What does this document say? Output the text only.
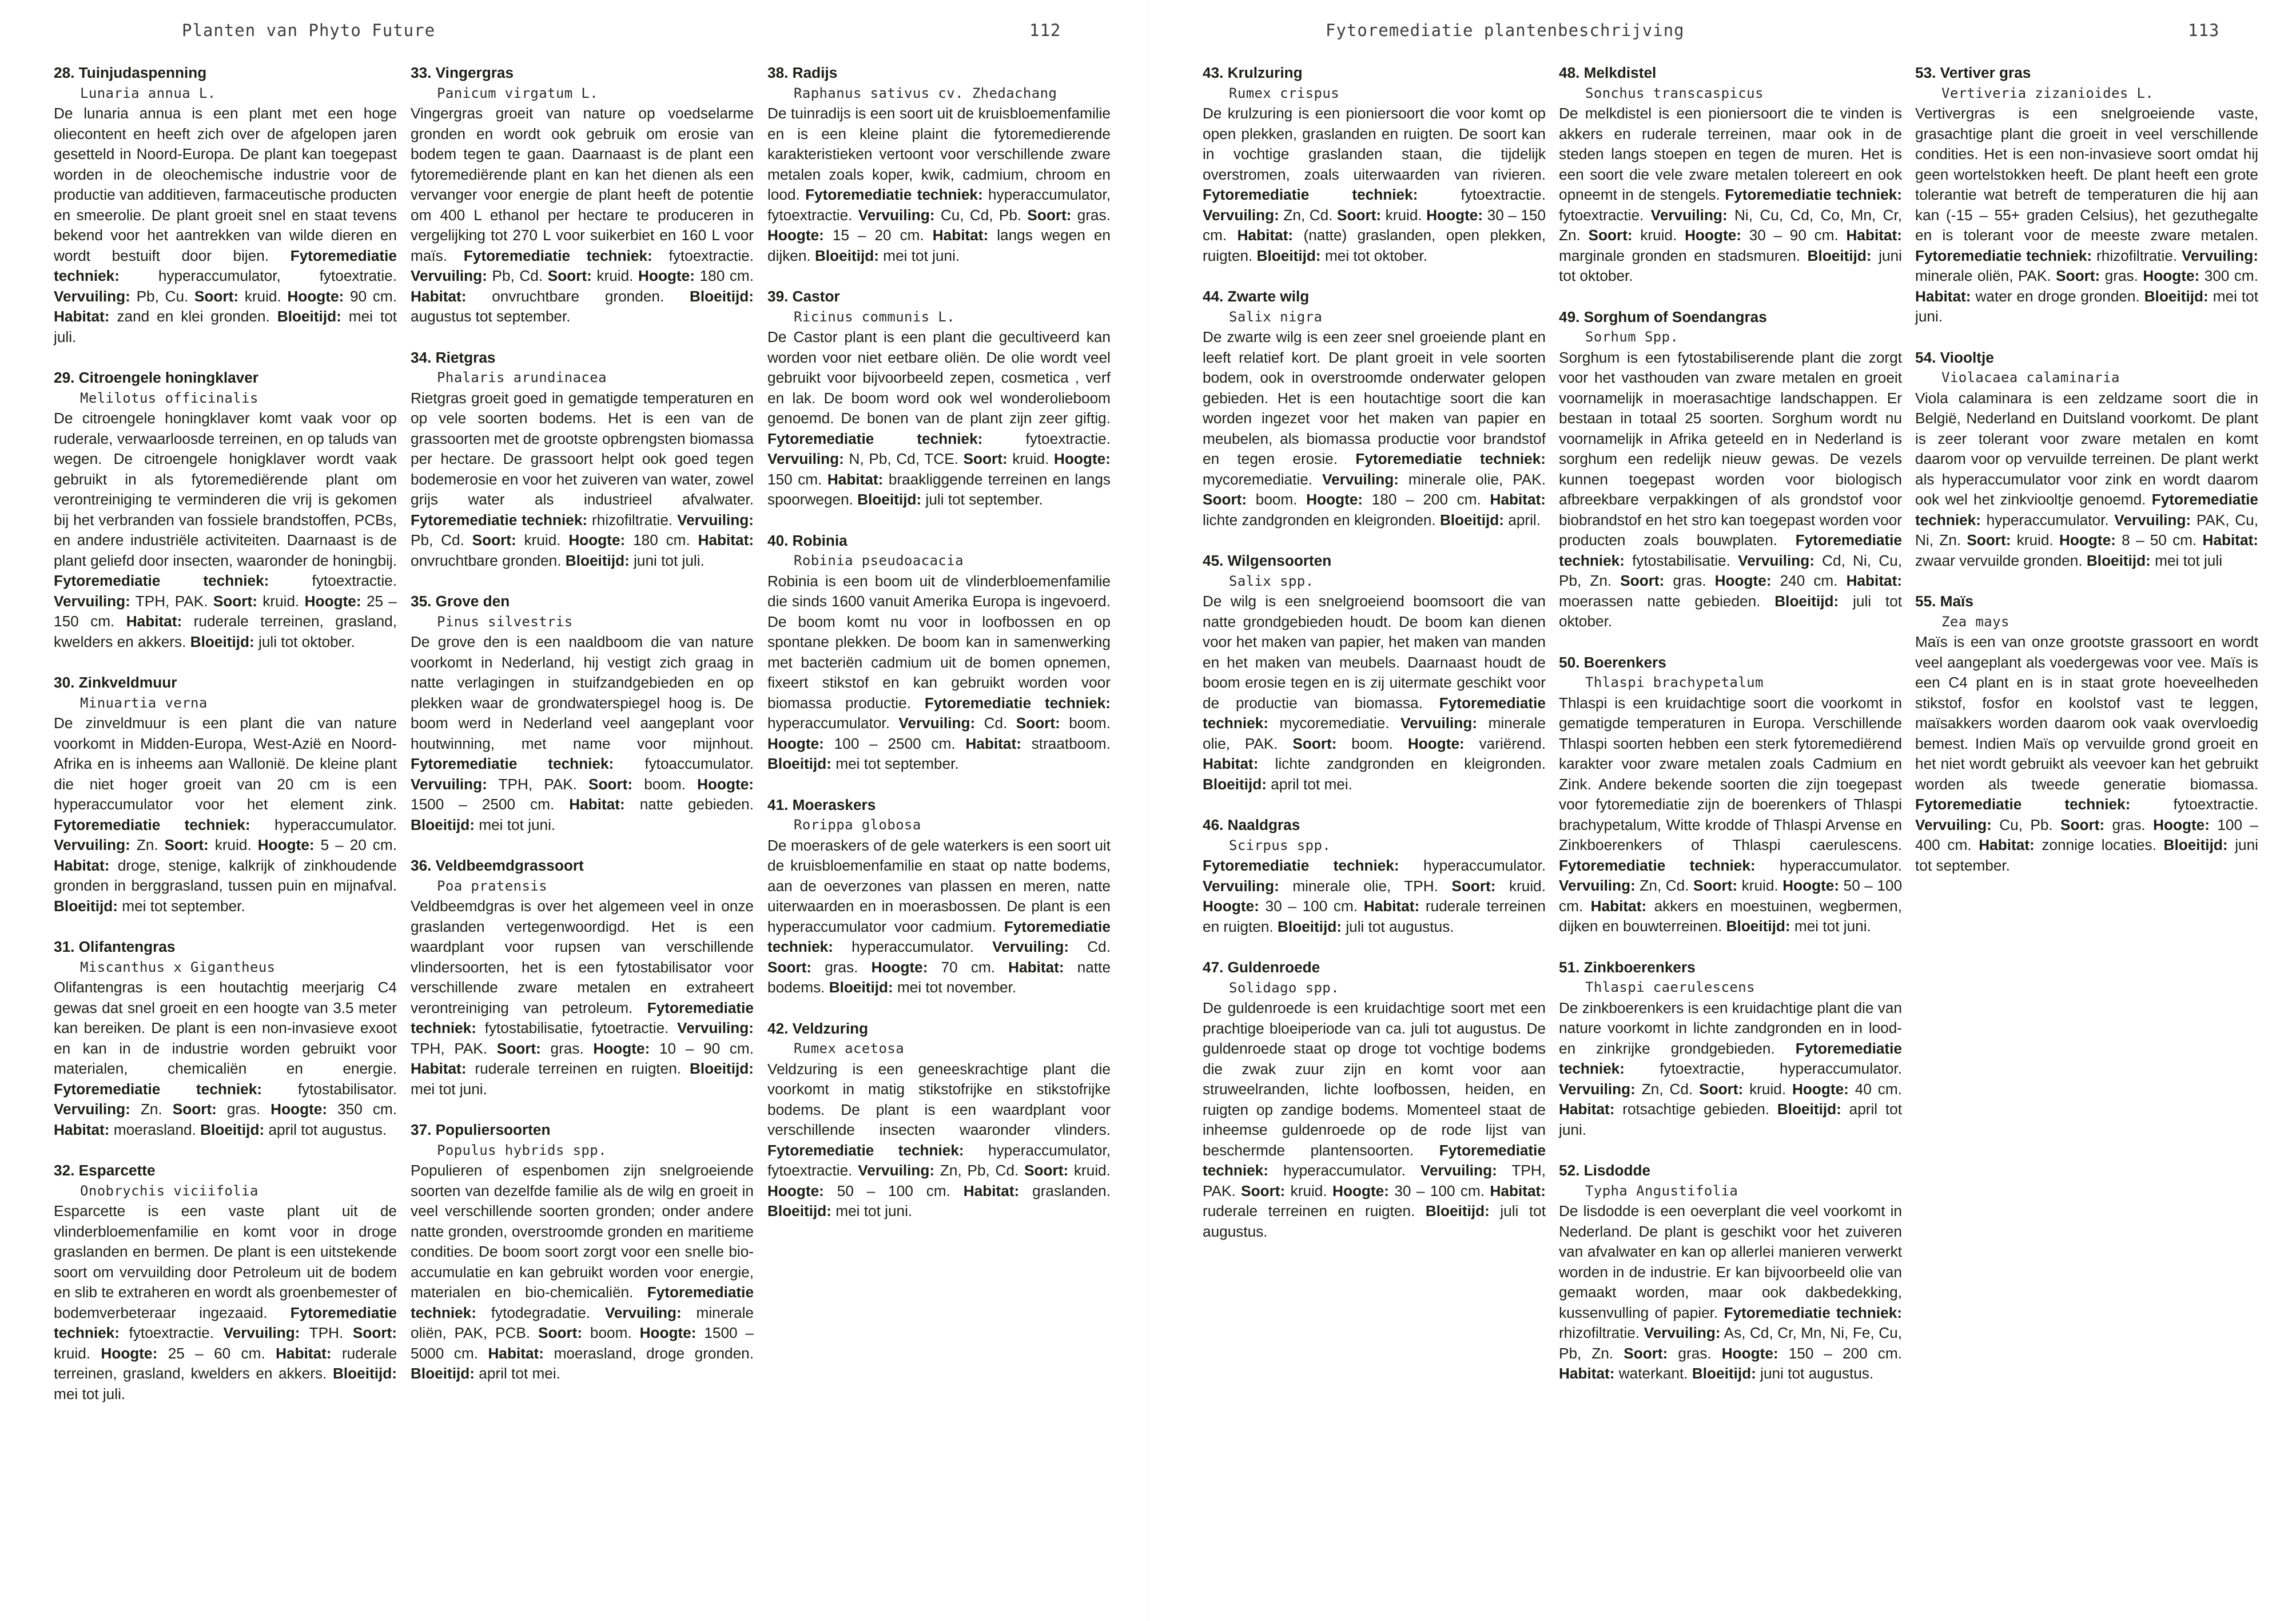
Planten van Phyto Future	112
28. Tuinjudaspenning
Lunaria annua L.
De lunaria annua is een plant met een hoge oliecontent en heeft zich over de afgelopen jaren gesetteld in Noord-Europa. De plant kan toegepast worden in de oleochemische industrie voor de productie van additieven, farmaceutische producten en smeerolie. De plant groeit snel en staat tevens bekend voor het aantrekken van wilde dieren en wordt bestuift door bijen. Fytoremediatie techniek:	hyperaccumulator, fytoextratie. Vervuiling: Pb, Cu. Soort: kruid. Hoogte: 90 cm. Habitat: zand en klei gronden. Bloeitijd: mei tot juli.
29. Citroengele honingklaver
Melilotus officinalis
De citroengele honingklaver komt vaak voor op ruderale, verwaarloosde terreinen, en op taluds van wegen. De citroengele honigklaver wordt vaak gebruikt in als fytoremediërende plant om verontreiniging te verminderen die vrij is gekomen bij het verbranden van fossiele brandstoffen, PCBs, en andere industriële activiteiten. Daarnaast is de plant geliefd door insecten, waaronder de honingbij. Fytoremediatie techniek:	fytoextractie. Vervuiling: TPH, PAK. Soort: kruid. Hoogte: 25 – 150 cm. Habitat: ruderale terreinen, grasland, kwelders en akkers. Bloeitijd: juli tot oktober.
30. Zinkveldmuur
Minuartia verna
De zinveldmuur is een plant die van nature voorkomt in Midden-Europa, West-Azië en Noord-Afrika en is inheems aan Wallonië. De kleine plant die niet hoger groeit van 20 cm is een hyperaccumulator voor het element zink. Fytoremediatie techniek: hyperaccumulator. Vervuiling: Zn. Soort: kruid. Hoogte: 5 – 20 cm. Habitat: droge, stenige, kalkrijk of zinkhoudende gronden in berggrasland, tussen puin en mijnafval. Bloeitijd: mei tot september.
31. Olifantengras
Miscanthus x Gigantheus
Olifantengras is een houtachtig meerjarig C4 gewas dat snel groeit en een hoogte van 3.5 meter kan bereiken. De plant is een non-invasieve exoot en kan in de industrie worden gebruikt voor materialen, chemicaliën en energie. Fytoremediatie techniek: fytostabilisator. Vervuiling: Zn. Soort: gras. Hoogte: 350 cm. Habitat: moerasland. Bloeitijd: april tot augustus.
32. Esparcette
Onobrychis viciifolia
Esparcette is een vaste plant uit de vlinderbloemenfamilie en komt voor in droge graslanden en bermen. De plant is een uitstekende soort om vervuilding door Petroleum uit de bodem en slib te extraheren en wordt als groenbemester of bodemverbeteraar ingezaaid. Fytoremediatie techniek: fytoextractie. Vervuiling: TPH. Soort: kruid. Hoogte: 25 – 60 cm. Habitat: ruderale terreinen, grasland, kwelders en akkers. Bloeitijd: mei tot juli.
33. Vingergras
Panicum virgatum L.
Vingergras groeit van nature op voedselarme gronden en wordt ook gebruik om erosie van bodem tegen te gaan. Daarnaast is de plant een fytoremediërende plant en kan het dienen als een vervanger voor energie de plant heeft de potentie om 400 L ethanol per hectare te produceren in vergelijking tot 270 L voor suikerbiet en 160 L voor maïs. Fytoremediatie techniek: fytoextractie. Vervuiling: Pb, Cd. Soort: kruid. Hoogte: 180 cm. Habitat: onvruchtbare gronden. Bloeitijd: augustus tot september.
34. Rietgras
Phalaris arundinacea
Rietgras groeit goed in gematigde temperaturen en op vele soorten bodems. Het is een van de grassoorten met de grootste opbrengsten biomassa per hectare. De grassoort helpt ook goed tegen bodemerosie en voor het zuiveren van water, zowel grijs water als industrieel afvalwater. Fytoremediatie techniek: rhizofiltratie. Vervuiling: Pb, Cd. Soort: kruid. Hoogte: 180 cm. Habitat: onvruchtbare gronden. Bloeitijd: juni tot juli.
35. Grove den
Pinus silvestris
De grove den is een naaldboom die van nature voorkomt in Nederland, hij vestigt zich graag in natte verlagingen in stuifzandgebieden en op plekken waar de grondwaterspiegel hoog is. De boom werd in Nederland veel aangeplant voor houtwinning, met name voor mijnhout. Fytoremediatie techniek: fytoaccumulator. Vervuiling: TPH, PAK. Soort: boom. Hoogte: 1500 – 2500 cm. Habitat: natte gebieden. Bloeitijd: mei tot juni.
36. Veldbeemdgrassoort
Poa pratensis
Veldbeemdgras is over het algemeen veel in onze graslanden vertegenwoordigd. Het is een waardplant voor rupsen van verschillende vlindersoorten, het is een fytostabilisator voor verschillende zware metalen en extraheert verontreiniging van petroleum. Fytoremediatie techniek: fytostabilisatie, fytoetractie. Vervuiling: TPH, PAK. Soort: gras. Hoogte: 10 – 90 cm. Habitat: ruderale terreinen en ruigten. Bloeitijd: mei tot juni.
37. Populiersoorten
Populus hybrids spp.
Populieren of espenbomen zijn snelgroeiende soorten van dezelfde familie als de wilg en groeit in veel verschillende soorten gronden; onder andere natte gronden, overstroomde gronden en maritieme condities. De boom soort zorgt voor een snelle bio-accumulatie en kan gebruikt worden voor energie, materialen en bio-chemicaliën. Fytoremediatie techniek: fytodegradatie. Vervuiling: minerale oliën, PAK, PCB. Soort: boom. Hoogte: 1500 – 5000 cm. Habitat: moerasland, droge gronden. Bloeitijd: april tot mei.
38. Radijs
Raphanus sativus cv. Zhedachang
De tuinradijs is een soort uit de kruisbloemenfamilie en is een kleine plaint die fytoremedierende karakteristieken vertoont voor verschillende zware metalen zoals koper, kwik, cadmium, chroom en lood. Fytoremediatie techniek: hyperaccumulator, fytoextractie. Vervuiling: Cu, Cd, Pb. Soort: gras. Hoogte: 15 – 20 cm. Habitat: langs wegen en dijken. Bloeitijd: mei tot juni.
39. Castor
Ricinus communis L.
De Castor plant is een plant die gecultiveerd kan worden voor niet eetbare oliën. De olie wordt veel gebruikt voor bijvoorbeeld zepen, cosmetica , verf en lak. De boom word ook wel wonderolieboom genoemd. De bonen van de plant zijn zeer giftig. Fytoremediatie techniek:	fytoextractie. Vervuiling: N, Pb, Cd, TCE. Soort: kruid. Hoogte: 150 cm. Habitat: braakliggende terreinen en langs spoorwegen. Bloeitijd: juli tot september.
40. Robinia
Robinia pseudoacacia
Robinia is een boom uit de vlinderbloemenfamilie die sinds 1600 vanuit Amerika Europa is ingevoerd. De boom komt nu voor in loofbossen en op spontane plekken. De boom kan in samenwerking met bacteriën cadmium uit de bomen opnemen, fixeert stikstof en kan gebruikt worden voor biomassa productie. Fytoremediatie techniek: hyperaccumulator. Vervuiling: Cd. Soort: boom. Hoogte: 100 – 2500 cm. Habitat: straatboom. Bloeitijd: mei tot september.
41. Moeraskers
Rorippa globosa
De moeraskers of de gele waterkers is een soort uit de kruisbloemenfamilie en staat op natte bodems, aan de oeverzones van plassen en meren, natte uiterwaarden en in moerasbossen. De plant is een hyperaccumulator voor cadmium. Fytoremediatie techniek: hyperaccumulator. Vervuiling: Cd. Soort: gras. Hoogte: 70 cm. Habitat: natte bodems. Bloeitijd: mei tot november.
42. Veldzuring
Rumex acetosa
Veldzuring is een geneeskrachtige plant die voorkomt in matig stikstofrijke en stikstofrijke bodems. De plant is een waardplant voor verschillende insecten waaronder vlinders. Fytoremediatie techniek: hyperaccumulator, fytoextractie. Vervuiling: Zn, Pb, Cd. Soort: kruid. Hoogte: 50 – 100 cm. Habitat: graslanden. Bloeitijd: mei tot juni.
Fytoremediatie plantenbeschrijving	113
43. Krulzuring
Rumex crispus
De krulzuring is een pioniersoort die voor komt op open plekken, graslanden en ruigten. De soort kan in vochtige graslanden staan, die tijdelijk overstromen, zoals uiterwaarden van rivieren. Fytoremediatie techniek:	fytoextractie. Vervuiling: Zn, Cd. Soort: kruid. Hoogte: 30 – 150 cm. Habitat: (natte) graslanden, open plekken, ruigten. Bloeitijd: mei tot oktober.
44. Zwarte wilg
Salix nigra
De zwarte wilg is een zeer snel groeiende plant en leeft relatief kort. De plant groeit in vele soorten bodem, ook in overstroomde onderwater gelopen gebieden. Het is een houtachtige soort die kan worden ingezet voor het maken van papier en meubelen, als biomassa productie voor brandstof en tegen erosie. Fytoremediatie techniek: mycoremediatie. Vervuiling: minerale olie, PAK. Soort: boom. Hoogte: 180 – 200 cm. Habitat: lichte zandgronden en kleigronden. Bloeitijd: april.
45. Wilgensoorten
Salix spp.
De wilg is een snelgroeiend boomsoort die van natte grondgebieden houdt. De boom kan dienen voor het maken van papier, het maken van manden en het maken van meubels. Daarnaast houdt de boom erosie tegen en is zij uitermate geschikt voor de productie van biomassa. Fytoremediatie techniek: mycoremediatie. Vervuiling: minerale olie, PAK. Soort: boom. Hoogte: variërend. Habitat: lichte zandgronden en kleigronden. Bloeitijd: april tot mei.
46. Naaldgras
Scirpus spp.
Fytoremediatie techniek: hyperaccumulator. Vervuiling: minerale olie, TPH. Soort: kruid. Hoogte: 30 – 100 cm. Habitat: ruderale terreinen en ruigten. Bloeitijd: juli tot augustus.
47. Guldenroede
Solidago spp.
De guldenroede is een kruidachtige soort met een prachtige bloeiperiode van ca. juli tot augustus. De guldenroede staat op droge tot vochtige bodems die zwak zuur zijn en komt voor aan struweelranden, lichte loofbossen, heiden, en ruigten op zandige bodems. Momenteel staat de inheemse guldenroede op de rode lijst van beschermde plantensoorten. Fytoremediatie techniek: hyperaccumulator. Vervuiling: TPH, PAK. Soort: kruid. Hoogte: 30 – 100 cm. Habitat: ruderale terreinen en ruigten. Bloeitijd: juli tot augustus.
48. Melkdistel
Sonchus transcaspicus
De melkdistel is een pioniersoort die te vinden is akkers en ruderale terreinen, maar ook in de steden langs stoepen en tegen de muren. Het is een soort die vele zware metalen tolereert en ook opneemt in de stengels. Fytoremediatie techniek: fytoextractie. Vervuiling: Ni, Cu, Cd, Co, Mn, Cr, Zn. Soort: kruid. Hoogte: 30 – 90 cm. Habitat: marginale gronden en stadsmuren. Bloeitijd: juni tot oktober.
49. Sorghum of Soendangras
Sorhum Spp.
Sorghum is een fytostabiliserende plant die zorgt voor het vasthouden van zware metalen en groeit voornamelijk in moerasachtige landschappen. Er bestaan in totaal 25 soorten. Sorghum wordt nu voornamelijk in Afrika geteeld en in Nederland is sorghum een redelijk nieuw gewas. De vezels kunnen toegepast worden voor biologisch afbreekbare verpakkingen of als grondstof voor biobrandstof en het stro kan toegepast worden voor producten zoals bouwplaten. Fytoremediatie techniek: fytostabilisatie. Vervuiling: Cd, Ni, Cu, Pb, Zn. Soort: gras. Hoogte: 240 cm. Habitat: moerassen natte gebieden. Bloeitijd: juli tot oktober.
50. Boerenkers
Thlaspi brachypetalum
Thlaspi is een kruidachtige soort die voorkomt in gematigde temperaturen in Europa. Verschillende Thlaspi soorten hebben een sterk fytoremediërend karakter voor zware metalen zoals Cadmium en Zink. Andere bekende soorten die zijn toegepast voor fytoremediatie zijn de boerenkers of Thlaspi brachypetalum, Witte krodde of Thlaspi Arvense en Zinkboerenkers of Thlaspi caerulescens. Fytoremediatie techniek: hyperaccumulator. Vervuiling: Zn, Cd. Soort: kruid. Hoogte: 50 – 100 cm. Habitat: akkers en moestuinen, wegbermen, dijken en bouwterreinen. Bloeitijd: mei tot juni.
51. Zinkboerenkers
Thlaspi caerulescens
De zinkboerenkers is een kruidachtige plant die van nature voorkomt in lichte zandgronden en in lood- en zinkrijke grondgebieden. Fytoremediatie techniek: fytoextractie, hyperaccumulator. Vervuiling: Zn, Cd. Soort: kruid. Hoogte: 40 cm. Habitat: rotsachtige gebieden. Bloeitijd: april tot juni.
52. Lisdodde
Typha Angustifolia
De lisdodde is een oeverplant die veel voorkomt in Nederland. De plant is geschikt voor het zuiveren van afvalwater en kan op allerlei manieren verwerkt worden in de industrie. Er kan bijvoorbeeld olie van gemaakt worden, maar ook dakbedekking, kussenvulling of papier. Fytoremediatie techniek: rhizofiltratie. Vervuiling: As, Cd, Cr, Mn, Ni, Fe, Cu, Pb, Zn. Soort: gras. Hoogte: 150 – 200 cm. Habitat: waterkant. Bloeitijd: juni tot augustus.
53. Vertiver gras
Vertiveria zizanioides L.
Vertivergras is een snelgroeiende vaste, grasachtige plant die groeit in veel verschillende condities. Het is een non-invasieve soort omdat hij geen wortelstokken heeft. De plant heeft een grote tolerantie wat betreft de temperaturen die hij aan kan (-15 – 55+ graden Celsius), het gezuthegalte en is tolerant voor de meeste zware metalen. Fytoremediatie techniek: rhizofiltratie. Vervuiling: minerale oliën, PAK. Soort: gras. Hoogte: 300 cm. Habitat: water en droge gronden. Bloeitijd: mei tot juni.
54. Viooltje
Violacaea calaminaria
Viola calaminara is een zeldzame soort die in België, Nederland en Duitsland voorkomt. De plant is zeer tolerant voor zware metalen en komt daarom voor op vervuilde terreinen. De plant werkt als hyperaccumulator voor zink en wordt daarom ook wel het zinkviooltje genoemd. Fytoremediatie techniek: hyperaccumulator. Vervuiling: PAK, Cu, Ni, Zn. Soort: kruid. Hoogte: 8 – 50 cm. Habitat: zwaar vervuilde gronden. Bloeitijd: mei tot juli
55. Maïs
Zea mays
Maïs is een van onze grootste grassoort en wordt veel aangeplant als voedergewas voor vee. Maïs is een C4 plant en is in staat grote hoeveelheden stikstof, fosfor en koolstof vast te leggen, maïsakkers worden daarom ook vaak overvloedig bemest. Indien Maïs op vervuilde grond groeit en het niet wordt gebruikt als veevoer kan het gebruikt worden als tweede generatie biomassa. Fytoremediatie techniek:	fytoextractie. Vervuiling: Cu, Pb. Soort: gras. Hoogte: 100 – 400 cm. Habitat: zonnige locaties. Bloeitijd: juni tot september.
